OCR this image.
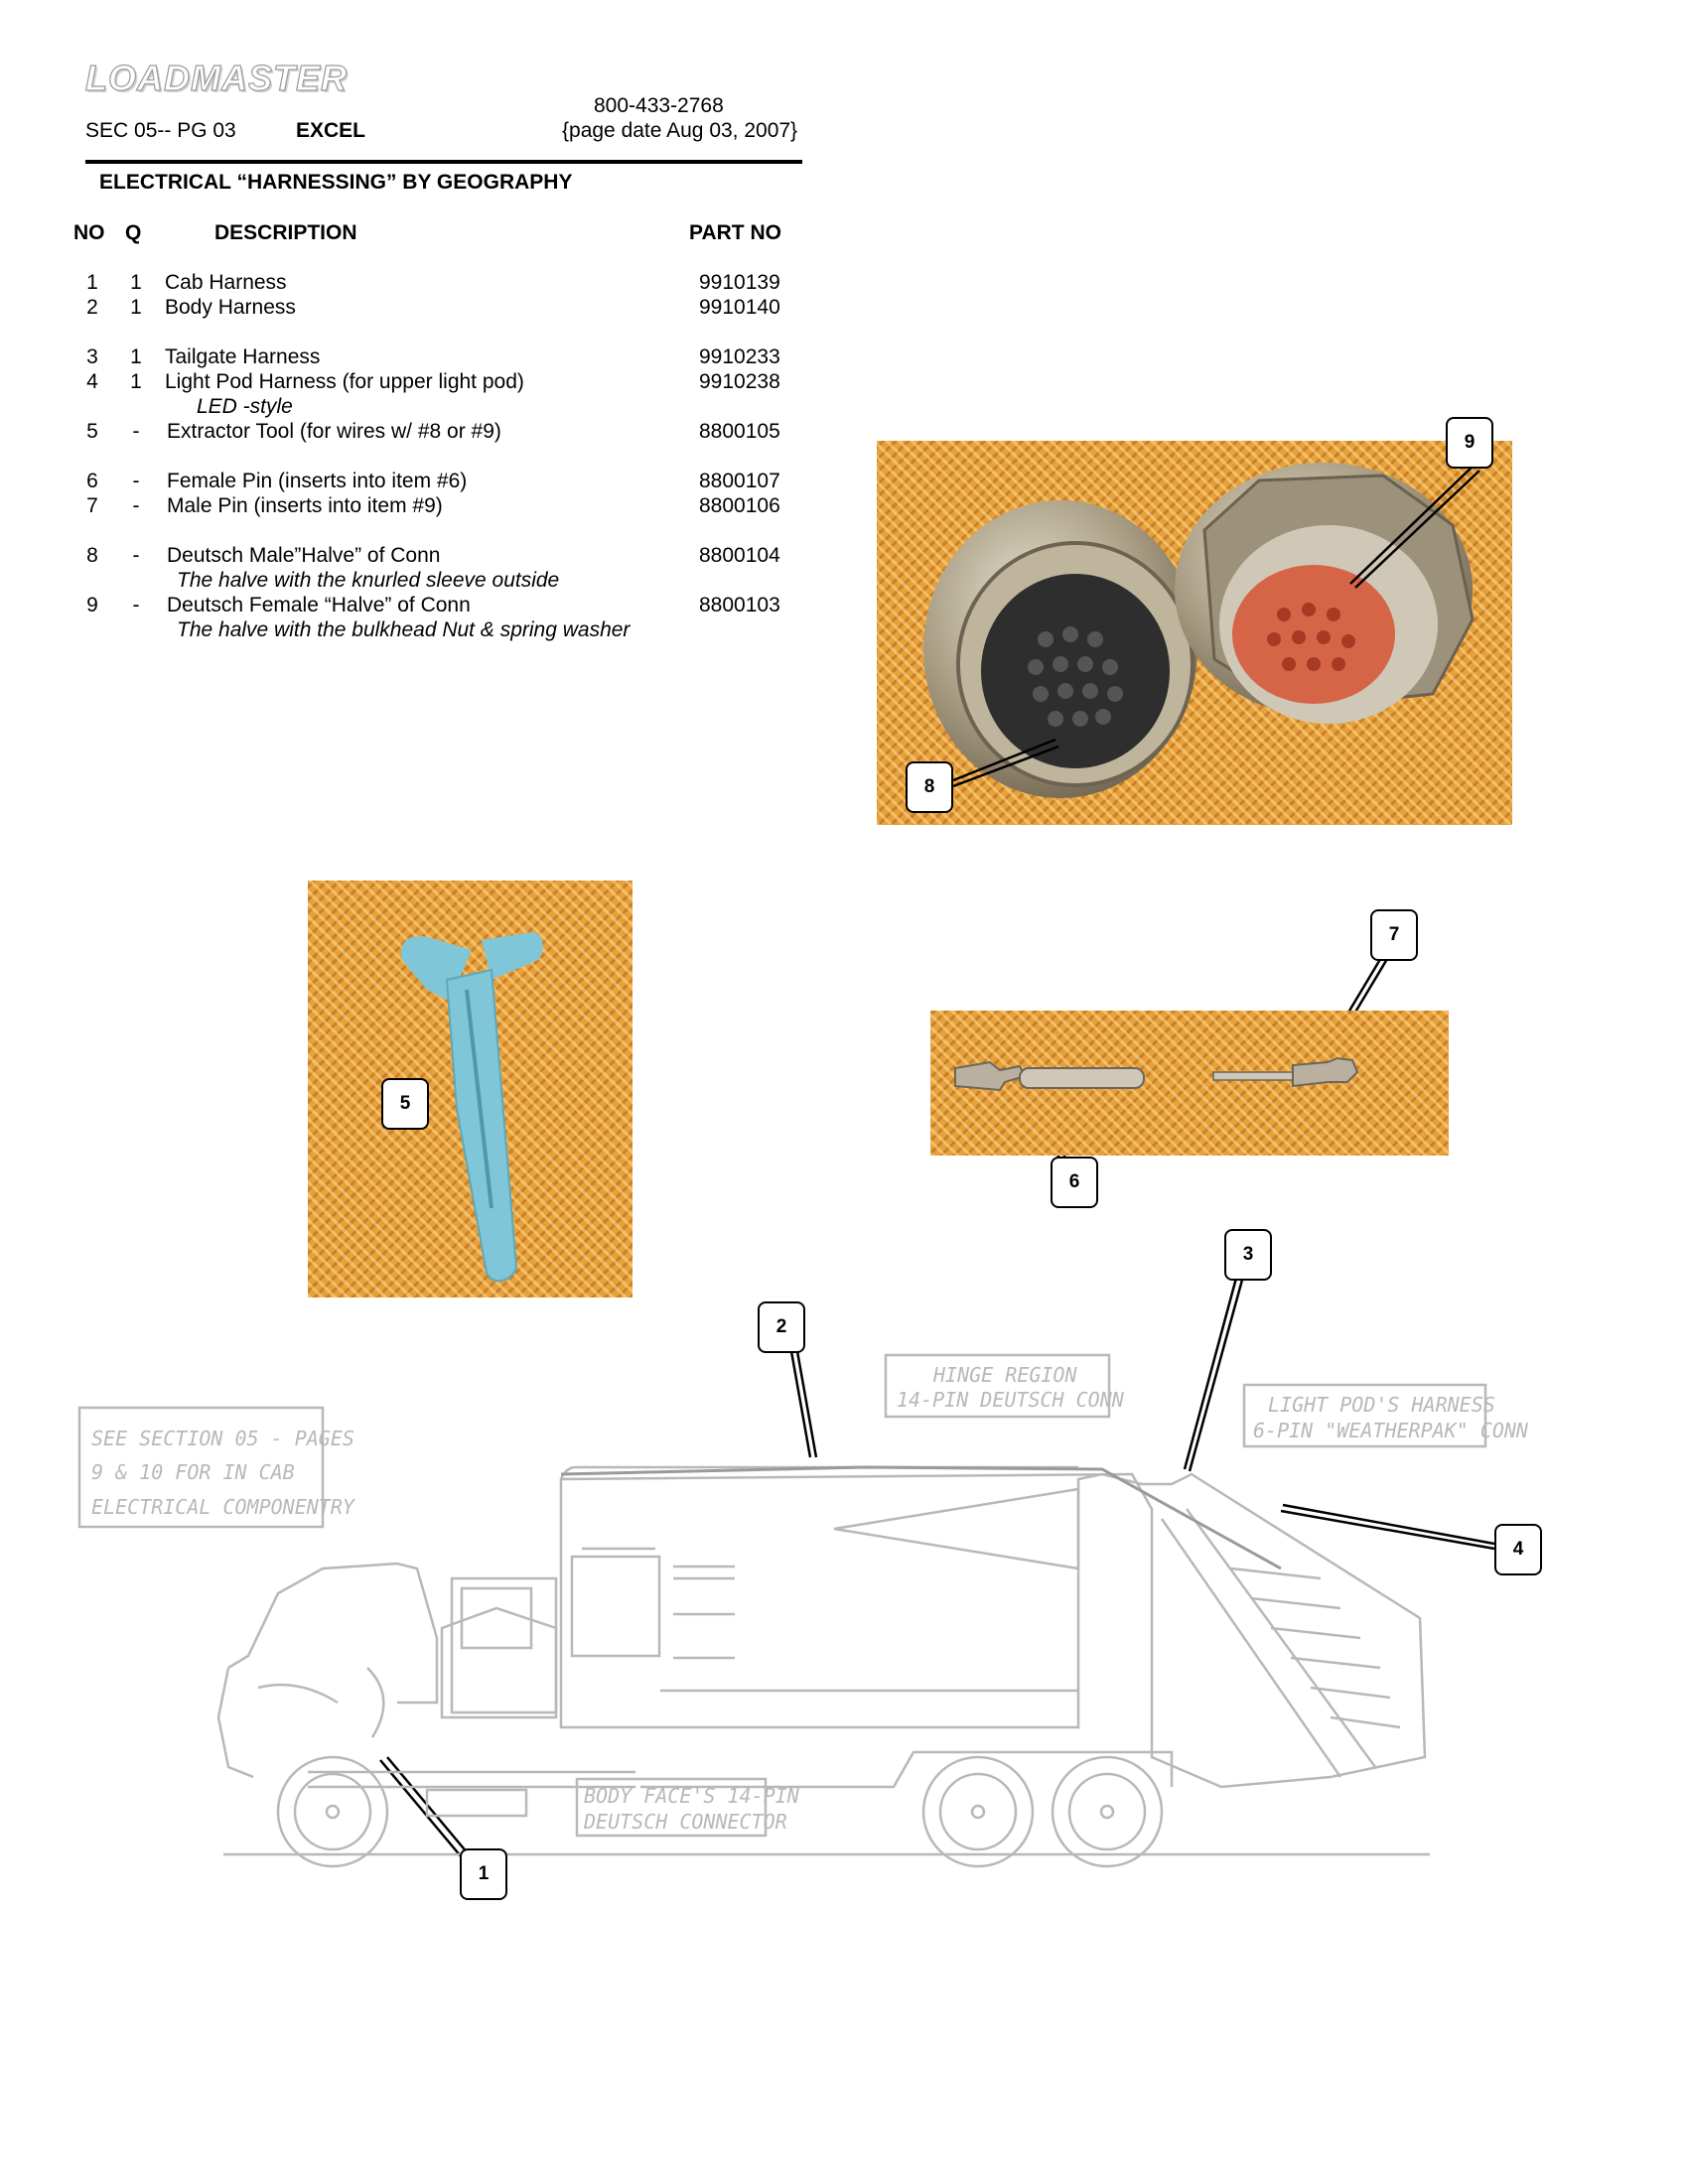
LOADMASTER
SEC 05-- PG 03	EXCEL
800-433-2768
{page date Aug 03, 2007}
ELECTRICAL “HARNESSING” BY GEOGRAPHY
NO Q	DESCRIPTION	PART NO
1	1	Cab Harness	9910139
2	1	Body Harness	9910140
3	1	Tailgate Harness	9910233
4	1	Light Pod Harness (for upper light pod)	9910238
LED -style
5	-	Extractor Tool (for wires w/ #8 or #9)	8800105
6	-	Female Pin (inserts into item #6)	8800107
7	-	Male Pin (inserts into item #9)	8800106
8	-	Deutsch Male”Halve” of Conn	8800104
The halve with the knurled sleeve outside
9	-	Deutsch Female “Halve” of Conn	8800103
The halve with the bulkhead Nut & spring washer
SEE SECTION 05 - PAGES
9 & 10 FOR IN CAB
ELECTRICAL COMPONENTRY
HINGE REGION
14-PIN DEUTSCH CONN	LIGHT POD'S HARNESS
6-PIN "WEATHERPAK" CONN
BODY FACE'S 14-PIN
DEUTSCH CONNECTOR
1
2
3
4
5
6
7
8
9
